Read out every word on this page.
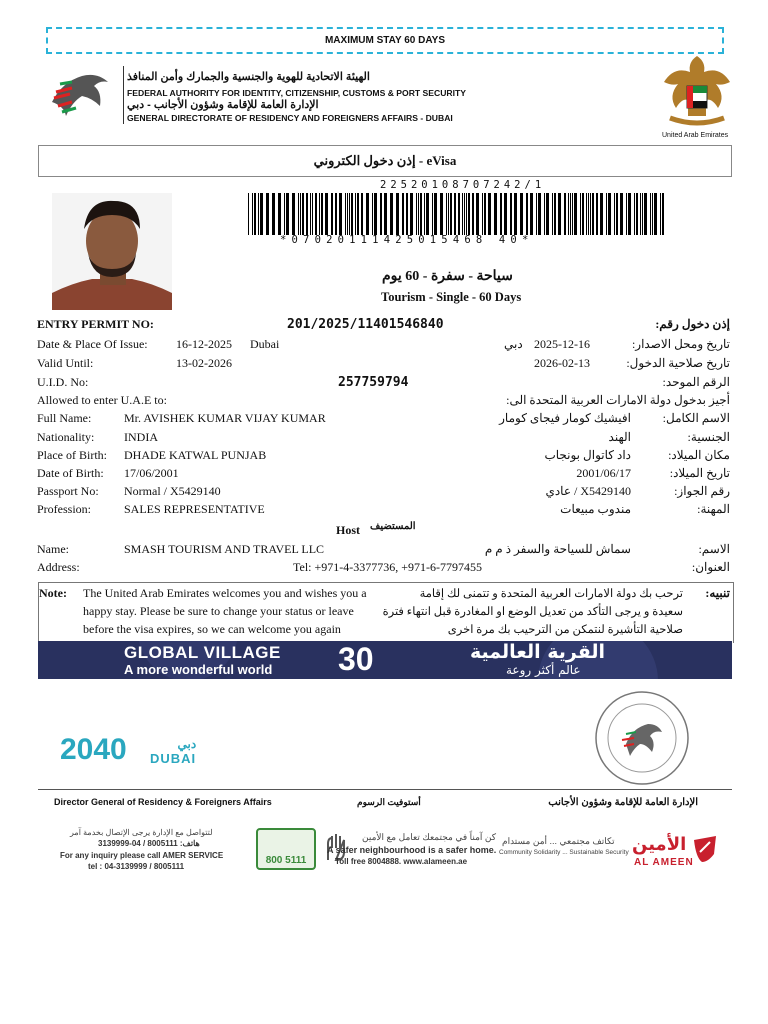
MAXIMUM STAY 60 DAYS
الهيئة الاتحادية للهوية والجنسية والجمارك وأمن المنافذ
FEDERAL AUTHORITY FOR IDENTITY, CITIZENSHIP, CUSTOMS & PORT SECURITY
الإدارة العامة للإقامة وشؤون الأجانب - دبي
GENERAL DIRECTORATE OF RESIDENCY AND FOREIGNERS AFFAIRS - DUBAI
United Arab Emirates
إذن دخول الكتروني - eVisa
22520108707242/1
*07020111425015468 40*
سياحة - سفرة - 60 يوم
Tourism - Single - 60 Days
ENTRY PERMIT NO:	201/2025/11401546840	إذن دخول رقم:
Date & Place Of Issue: 16-12-2025 Dubai	دبي 2025-12-16	تاريخ ومحل الاصدار:
Valid Until:	13-02-2026	2026-02-13	تاريخ صلاحية الدخول:
U.I.D. No:	257759794	الرقم الموحد:
Allowed to enter U.A.E to:	أجيز بدخول دولة الامارات العربية المتحدة الى:
Full Name:	Mr. AVISHEK KUMAR VIJAY KUMAR	افيشيك كومار فيجاى كومار	الاسم الكامل:
Nationality: INDIA	الهند	الجنسية:
Place of Birth: DHADE KATWAL PUNJAB	داد كاتوال بونجاب	مكان الميلاد:
Date of Birth: 17/06/2001	2001/06/17	تاريخ الميلاد:
Passport No: Normal / X5429140	X5429140 / عادي	رقم الجواز:
Profession:	SALES REPRESENTATIVE	مندوب مبيعات	المهنة:
Host المستضيف
Name:	SMASH TOURISM AND TRAVEL LLC	سماش للسياحة والسفر ذ م م	الاسم:
Address:	Tel: +971-4-3377736, +971-6-7797455	العنوان:
Note: The United Arab Emirates welcomes you and wishes you a
happy stay. Please be sure to change your status or leave
before the visa expires, so we can welcome you again
تنبيه:
ترحب بك دولة الامارات العربية المتحدة و تتمنى لك إقامة
سعيدة و يرجى التأكد من تعديل الوضع او المغادرة قبل انتهاء فترة
صلاحية التأشيرة لنتمكن من الترحيب بك مرة اخرى
GLOBAL VILLAGE
A more wonderful world 30	القرية العالمية
عالم أكثر روعة
2040	دبي
DUBAI
Director General of Residency & Foreigners Affairs	أستوفيت الرسوم	الإدارة العامة للإقامة وشؤون الأجانب
لتتواصل مع الإدارة يرجى الإتصال بخدمة آمر
هاتف: 8005111 / 04-3139999
For any inquiry please call AMER SERVICE
tel : 04-3139999 / 8005111
800 5111
كن آمناً في مجتمعك تعامل مع الأمين
A safer neighbourhood is a safer home.
Toll free 8004888. www.alameen.ae
تكاتف مجتمعي ... أمن مستدام
Community Solidarity ... Sustainable Security الأمين
AL AMEEN
